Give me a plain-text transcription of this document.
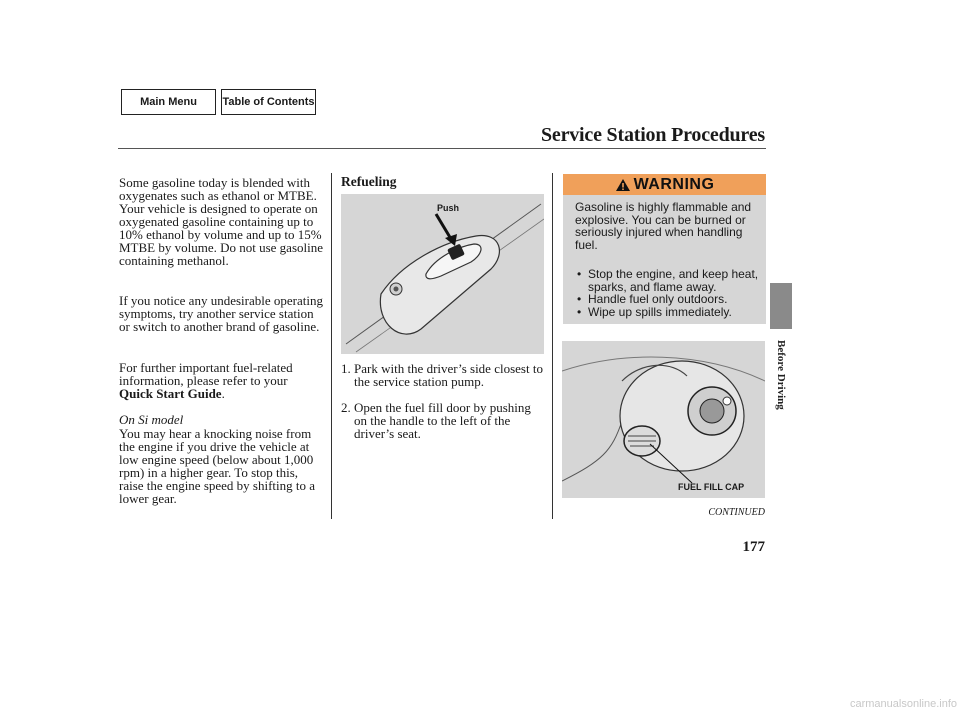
Main Menu	Table of Contents
Service Station Procedures
Before Driving

Some gasoline today is blended with oxygenates such as ethanol or MTBE. Your vehicle is designed to operate on oxygenated gasoline containing up to 10% ethanol by volume and up to 15% MTBE by volume. Do not use gasoline containing methanol.

If you notice any undesirable operating symptoms, try another service station or switch to another brand of gasoline.

For further important fuel-related information, please refer to your Quick Start Guide.

On Si model

You may hear a knocking noise from the engine if you drive the vehicle at low engine speed (below about 1,000 rpm) in a higher gear. To stop this, raise the engine speed by shifting to a lower gear.

Refueling
Push
1. Park with the driver’s side closest to the service station pump.
2. Open the fuel fill door by pushing on the handle to the left of the driver’s seat.
WARNING
Gasoline is highly flammable and explosive. You can be burned or seriously injured when handling fuel.
• Stop the engine, and keep heat, sparks, and flame away.
• Handle fuel only outdoors.
• Wipe up spills immediately.
FUEL FILL CAP
CONTINUED
177
carmanualsonline.info
